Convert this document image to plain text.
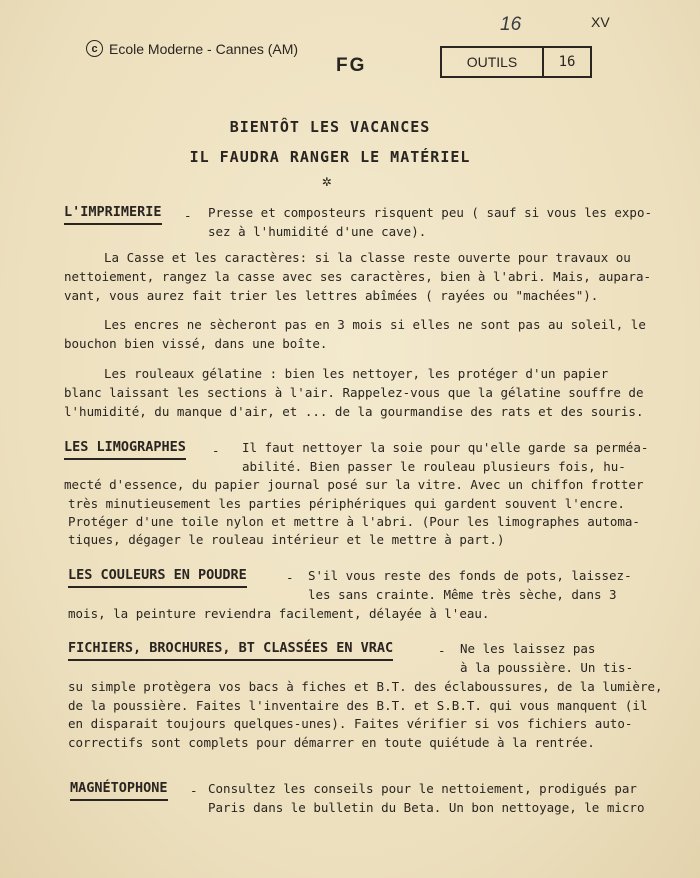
c Ecole Moderne - Cannes (AM)
FG
16	XV
OUTILS	16
BIENTÔT LES VACANCES
IL FAUDRA RANGER LE MATÉRIEL
✲
L'IMPRIMERIE - Presse et composteurs risquent peu ( sauf si vous les expo-
sez à l'humidité d'une cave).
La Casse et les caractères: si la classe reste ouverte pour travaux ou
nettoiement, rangez la casse avec ses caractères, bien à l'abri. Mais, aupara-
vant, vous aurez fait trier les lettres abîmées ( rayées ou "machées").
Les encres ne sècheront pas en 3 mois si elles ne sont pas au soleil, le
bouchon bien vissé, dans une boîte.
Les rouleaux gélatine : bien les nettoyer, les protéger d'un papier
blanc laissant les sections à l'air. Rappelez-vous que la gélatine souffre de
l'humidité, du manque d'air, et ... de la gourmandise des rats et des souris.
LES LIMOGRAPHES - Il faut nettoyer la soie pour qu'elle garde sa perméa-
abilité. Bien passer le rouleau plusieurs fois, hu-
mecté d'essence, du papier journal posé sur la vitre. Avec un chiffon frotter
très minutieusement les parties périphériques qui gardent souvent l'encre.
Protéger d'une toile nylon et mettre à l'abri. (Pour les limographes automa-
tiques, dégager le rouleau intérieur et le mettre à part.)
LES COULEURS EN POUDRE	- S'il vous reste des fonds de pots, laissez-
les sans crainte. Même très sèche, dans 3
mois, la peinture reviendra facilement, délayée à l'eau.
FICHIERS, BROCHURES, BT CLASSÉES EN VRAC	- Ne les laissez pas
à la poussière. Un tis-
su simple protègera vos bacs à fiches et B.T. des éclaboussures, de la lumière,
de la poussière. Faites l'inventaire des B.T. et S.B.T. qui vous manquent (il
en disparait toujours quelques-unes). Faites vérifier si vos fichiers auto-
correctifs sont complets pour démarrer en toute quiétude à la rentrée.
MAGNÉTOPHONE - Consultez les conseils pour le nettoiement, prodigués par
Paris dans le bulletin du Beta. Un bon nettoyage, le micro
